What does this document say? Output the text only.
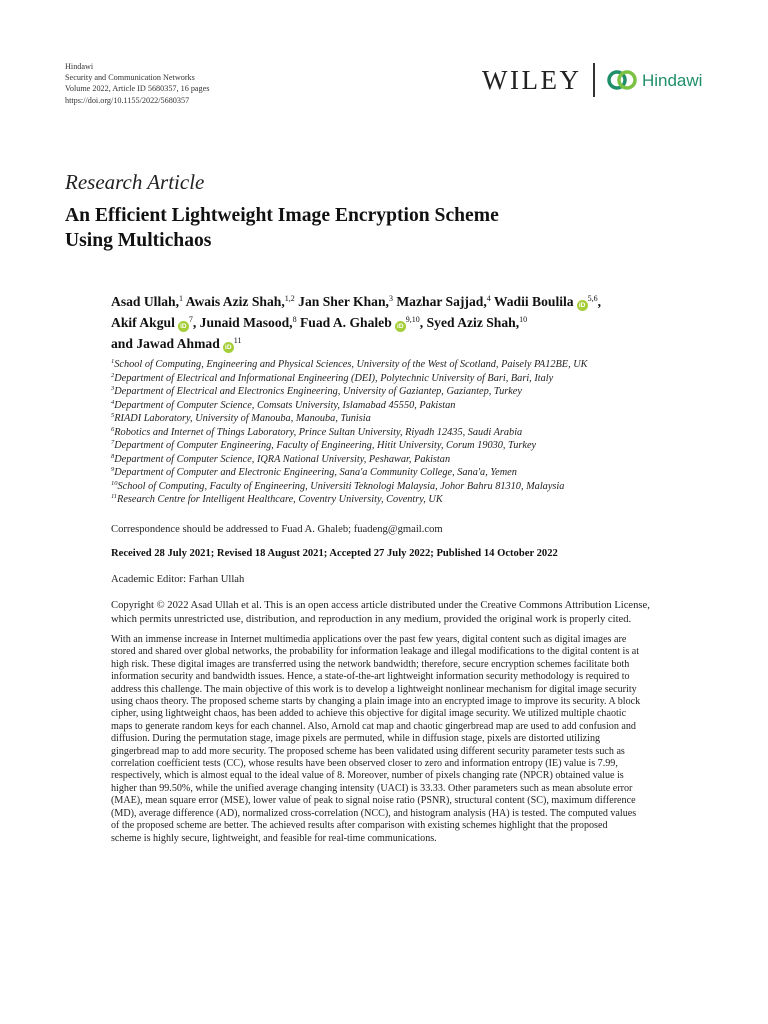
Hindawi
Security and Communication Networks
Volume 2022, Article ID 5680357, 16 pages
https://doi.org/10.1155/2022/5680357
WILEY	Hindawi
Research Article
An Efficient Lightweight Image Encryption Scheme
Using Multichaos
Asad Ullah,$^1$ Awais Aziz Shah,$^{1,2}$ Jan Sher Khan,$^3$ Mazhar Sajjad,$^4$ Wadii Boulila iD$^{5,6}$,
Akif Akgul $iD^7$, Junaid Masood,$^8$ Fuad A. Ghaleb iD$^{9,10}$, Syed Aziz Shah,$^{10}$
and Jawad Ahmad $iD^{11}$
$^1$School of Computing, Engineering and Physical Sciences, University of the West of Scotland, Paisely PA12BE, UK
$^2$Department of Electrical and Informational Engineering (DEI), Polytechnic University of Bari, Bari, Italy
$^3$Department of Electrical and Electronics Engineering, University of Gaziantep, Gaziantep, Turkey
$^4$Department of Computer Science, Comsats University, Islamabad 45550, Pakistan
$^5$RIADI Laboratory, University of Manouba, Manouba, Tunisia
$^6$Robotics and Internet of Things Laboratory, Prince Sultan University, Riyadh 12435, Saudi Arabia
$^7$Department of Computer Engineering, Faculty of Engineering, Hitit University, Corum 19030, Turkey
$^8$Department of Computer Science, IQRA National University, Peshawar, Pakistan
$^9$Department of Computer and Electronic Engineering, Sana'a Community College, Sana'a, Yemen
$^{10}$School of Computing, Faculty of Engineering, Universiti Teknologi Malaysia, Johor Bahru 81310, Malaysia
$^{11}$Research Centre for Intelligent Healthcare, Coventry University, Coventry, UK
Correspondence should be addressed to Fuad A. Ghaleb; fuadeng@gmail.com
Received 28 July 2021; Revised 18 August 2021; Accepted 27 July 2022; Published 14 October 2022
Academic Editor: Farhan Ullah
Copyright © 2022 Asad Ullah et al. This is an open access article distributed under the Creative Commons Attribution License,
which permits unrestricted use, distribution, and reproduction in any medium, provided the original work is properly cited.
With an immense increase in Internet multimedia applications over the past few years, digital content such as digital images are
stored and shared over global networks, the probability for information leakage and illegal modifications to the digital content is at
high risk. These digital images are transferred using the network bandwidth; therefore, secure encryption schemes facilitate both
information security and bandwidth issues. Hence, a state-of-the-art lightweight information security methodology is required to
address this challenge. The main objective of this work is to develop a lightweight nonlinear mechanism for digital image security
using chaos theory. The proposed scheme starts by changing a plain image into an encrypted image to improve its security. A block
cipher, using lightweight chaos, has been added to achieve this objective for digital image security. We utilized multiple chaotic
maps to generate random keys for each channel. Also, Arnold cat map and chaotic gingerbread map are used to add confusion and
diffusion. During the permutation stage, image pixels are permuted, while in diffusion stage, pixels are distorted utilizing
gingerbread map to add more security. The proposed scheme has been validated using different security parameter tests such as
correlation coefficient tests (CC), whose results have been observed closer to zero and information entropy (IE) value is 7.99,
respectively, which is almost equal to the ideal value of 8. Moreover, number of pixels changing rate (NPCR) obtained value is
higher than 99.50%, while the unified average changing intensity (UACI) is 33.33. Other parameters such as mean absolute error
(MAE), mean square error (MSE), lower value of peak to signal noise ratio (PSNR), structural content (SC), maximum difference
(MD), average difference (AD), normalized cross-correlation (NCC), and histogram analysis (HA) is tested. The computed values
of the proposed scheme are better. The achieved results after comparison with existing schemes highlight that the proposed
scheme is highly secure, lightweight, and feasible for real-time communications.
